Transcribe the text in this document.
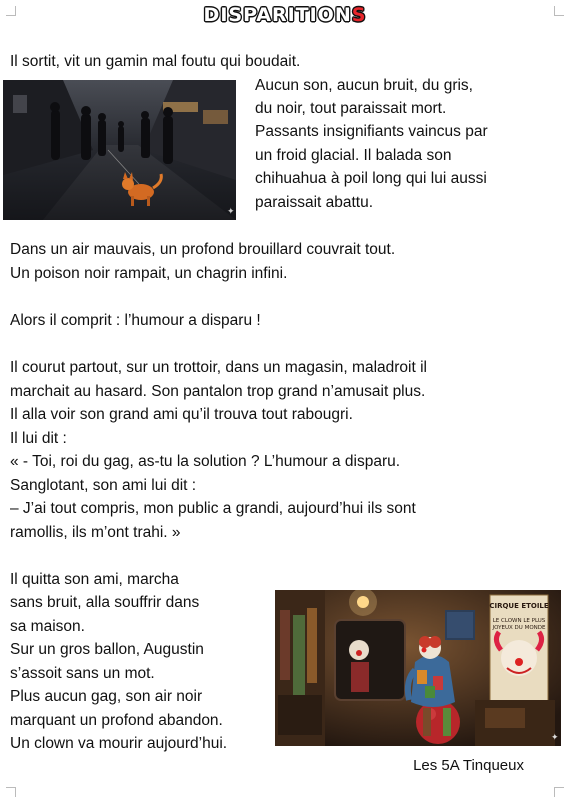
DISPARITIONS
Il sortit, vit un gamin mal foutu qui boudait.
Aucun son, aucun bruit, du gris,
du noir, tout paraissait mort.
Passants insignifiants vaincus par
un froid glacial. Il balada son
chihuahua à poil long qui lui aussi
paraissait abattu.
✦
Dans un air mauvais, un profond brouillard couvrait tout.
Un poison noir rampait, un chagrin infini.
Alors il comprit : l’humour a disparu !
Il courut partout, sur un trottoir, dans un magasin, maladroit il
marchait au hasard. Son pantalon trop grand n’amusait plus.
Il alla voir son grand ami qu’il trouva tout rabougri.
Il lui dit :
« - Toi, roi du gag, as-tu la solution ? L’humour a disparu.
Sanglotant, son ami lui dit :
– J’ai tout compris, mon public a grandi, aujourd’hui ils sont
ramollis, ils m’ont trahi. »
Il quitta son ami, marcha
sans bruit, alla souffrir dans
sa maison.
Sur un gros ballon, Augustin
s’assoit sans un mot.
Plus aucun gag, son air noir
marquant un profond abandon.
Un clown va mourir aujourd’hui.
CIRQUE ETOILE
LE CLOWN LE PLUS
JOYEUX DU MONDE
✦
Les 5A Tinqueux
